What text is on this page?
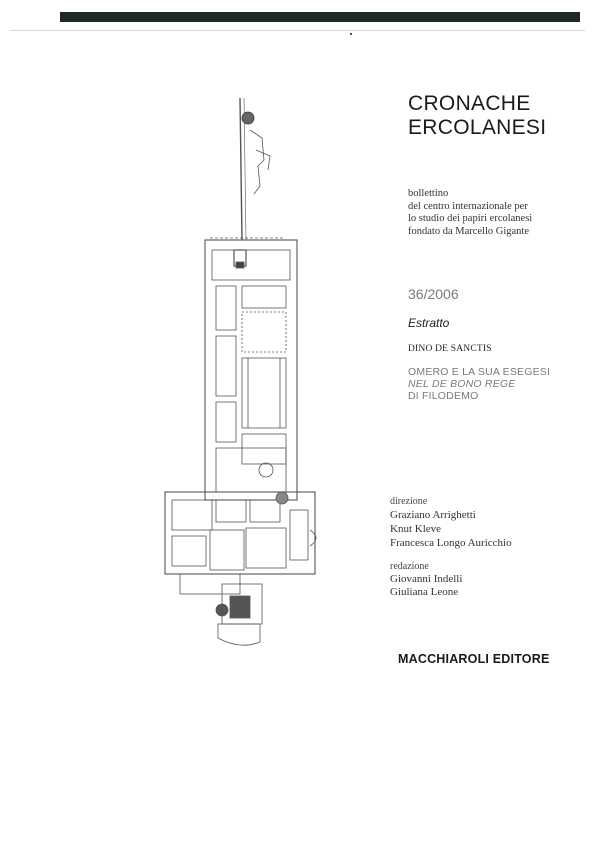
CRONACHE
ERCOLANESI
bollettino
del centro internazionale per
lo studio dei papiri ercolanesi
fondato da Marcello Gigante
36/2006
Estratto
DINO DE SANCTIS
OMERO E LA SUA ESEGESI
NEL DE BONO REGE
DI FILODEMO
direzione
Graziano Arrighetti
Knut Kleve
Francesca Longo Auricchio
redazione
Giovanni Indelli
Giuliana Leone
MACCHIAROLI EDITORE
